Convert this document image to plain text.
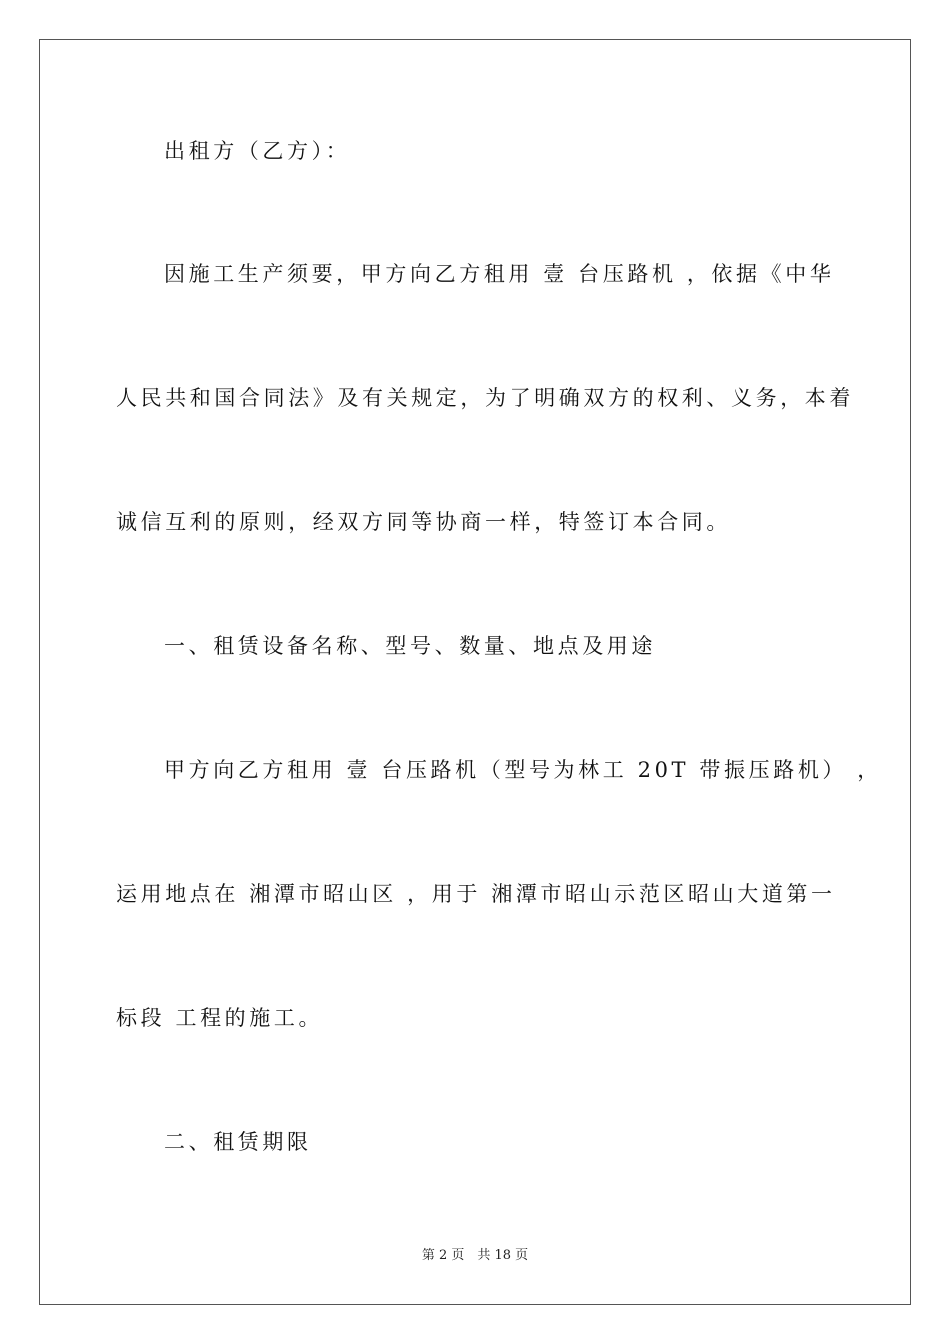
出租方（乙方）：
因施工生产须要，甲方向乙方租用 壹 台压路机 ，依据《中华
人民共和国合同法》及有关规定，为了明确双方的权利、义务，本着
诚信互利的原则，经双方同等协商一样，特签订本合同。
一、租赁设备名称、型号、数量、地点及用途
甲方向乙方租用 壹 台压路机（型号为林工 20T 带振压路机） ，
运用地点在 湘潭市昭山区 ，用于 湘潭市昭山示范区昭山大道第一
标段 工程的施工。
二、租赁期限
第 2 页　共 18 页
